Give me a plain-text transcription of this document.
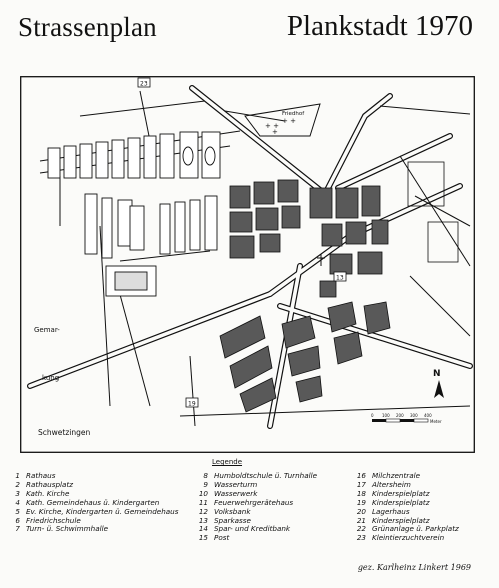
Strassenplan	Plankstadt 1970
+ +
+ +
+
Friedhof
Gemar-
kung
Schwetzingen
23
19
13
N
0 100 200 300 400
Meter
Legende
1 Rathaus
2 Rathausplatz
3 Kath. Kirche
4 Kath. Gemeindehaus ü. Kindergarten
5 Ev. Kirche, Kindergarten ü. Gemeindehaus
6 Friedrichschule
7 Turn- ü. Schwimmhalle
8 Humboldtschule ü. Turnhalle
9 Wasserturm
10 Wasserwerk
11 Feuerwehrgerätehaus
12 Volksbank
13 Sparkasse
14 Spar- und Kreditbank
15 Post
16 Milchzentrale
17 Altersheim
18 Kinderspielplatz
19 Kinderspielplatz
20 Lagerhaus
21 Kinderspielplatz
22 Grünanlage ü. Parkplatz
23 Kleintierzuchtverein
gez. Karlheinz Linkert 1969
